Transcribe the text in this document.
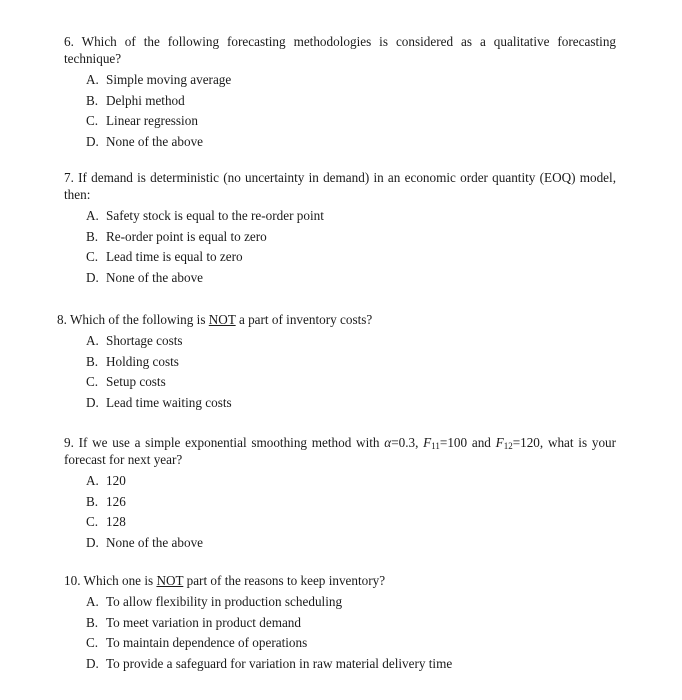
6. Which of the following forecasting methodologies is considered as a qualitative forecasting technique?

A. Simple moving average
B. Delphi method
C. Linear regression
D. None of the above

7. If demand is deterministic (no uncertainty in demand) in an economic order quantity (EOQ) model, then:

A. Safety stock is equal to the re-order point
B. Re-order point is equal to zero
C. Lead time is equal to zero
D. None of the above

8. Which of the following is NOT a part of inventory costs?

A. Shortage costs
B. Holding costs
C. Setup costs
D. Lead time waiting costs

9. If we use a simple exponential smoothing method with α=0.3, $F_{11}=100$ and $F_{12}=120$, what is your forecast for next year?

A. 120
B. 126
C. 128
D. None of the above

10. Which one is NOT part of the reasons to keep inventory?

A. To allow flexibility in production scheduling
B. To meet variation in product demand
C. To maintain dependence of operations
D. To provide a safeguard for variation in raw material delivery time
